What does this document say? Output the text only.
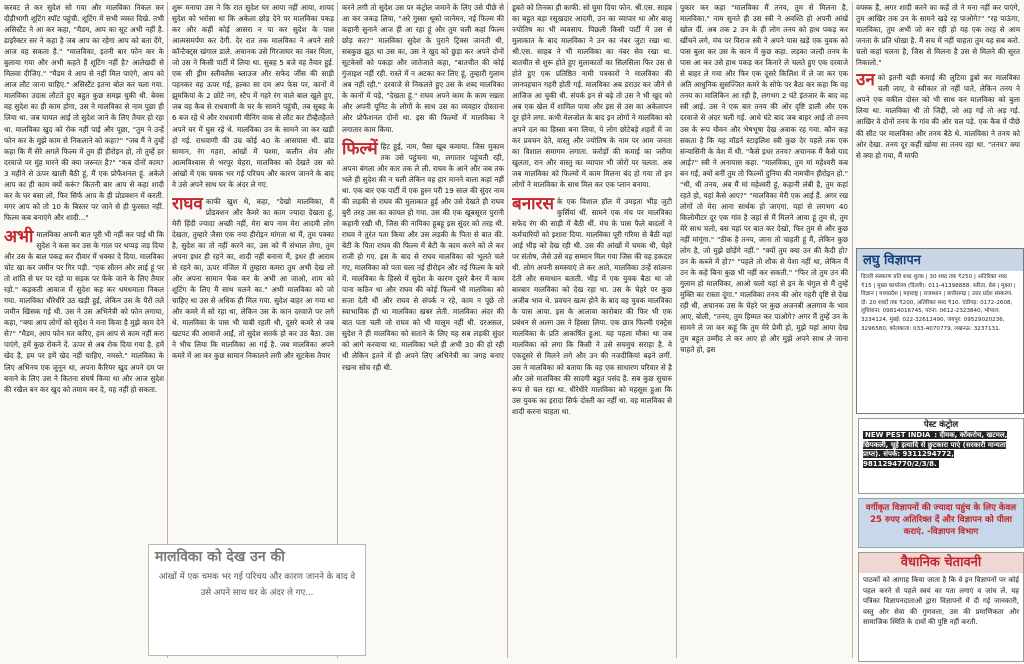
करवट ले कर सुदेश सो गया और मालविका निकल कर दौड़ीभागी शूटिंग स्पॉट पहुंची. शूटिंग में सभी व्यस्त दिखे. तभी असिस्टैंट ने आ कर कहा, "मैडम, आप का सूट अभी नहीं है. डाइरैक्टर सर ने कहा है जब आप का रहेगा आप को बता देंगे, आज वह सकता है." "मालविका, इतनी बार फोन कर के बुलाया गया और अभी कहते हैं शूटिंग नहीं है? आलेखदी से मिलवा दीजिए." "मैडम वे आप से नहीं मिल पाएंगे, आप को आज लौट जाना चाहिए." असिस्टैंट इतना बोल कर चला गया. मालविका उदास लौटते हुए बहुत कुछ समझ चुकी थी. बेवस वह सुदेश का ही काम होगा, उस ने मालविका से नाम पूछा ही लिया था. जब घायल आई तो सुदेश जाने के लिए तैयार हो रहा था. मालविका खुद को रोक नहीं पाई और पूछा, "तुम ने उन्हें फोन कर के मुझे काम से निकलाने को कहा?" "जब मैं ने तुम्हें कहा कि मैं सेरे अगले फिल्म में तुम ही हीरोइन हो, तो तुम्हें हर दरवाजे पर मुंह मारने की क्या जरूरत है?" "कब दोनों काम? 3 महीने से ऊपर खाली बैठी हूं, मैं एक प्रोफैशनल हूं. अकेले आप का ही काम क्यों करूं? कितनी बार आप से कहा शादी कर के घर बसा लो, फिर सिर्फ आप के ही प्रोडक्शन में करती. मगर आप को तो 10 के बिस्तर पर जाने से ही फुरसत नहीं. फिल्म कब बनाएंगे और शादी..."

अभी मालविका अपनी बात पूरी भी नहीं कर पाई थी कि सुदेश ने कस कर उस के गाल पर थप्पड़ जड़ दिया और उस के बाल पकड़ कर दीवार में धक्का दे दिया. मालविका चोट खा कर जमीन पर गिर पड़ी. "एक सौतन और लाई हूं पर तो शांति से घर पर रहो या सड़क पर फेंके जाने के लिए तैयार रहो." कड़कती आवाज में सुदेश कह कर धमधमाता निकल गया. मालविका धीरेधीरे उठ खड़ी हुई, लेकिन उस के पैरों तले जमीन खिसक गई थी. उस ने उस अभिनेत्री को फोन लगाया, कहा, "क्या आप लोगों को सुदेश ने मना किया है मुझे काम देने से?" "मैडम, आप फोन मत करिए, हम आप से काम नहीं करा पाएंगे, हमें कुछ रोकने दें. ऊपर से अब रोक दिया गया है. हमें खेद है, हम पर हमें खेद नहीं चाहिए, नमस्ते." मालविका के लिए अभिनय एक जुनून था, अपना कैरियर खुद अपने दम पर बनाने के लिए उस ने कितना संघर्ष किया था और आज सुदेश की रखैल बन कर खुद को तमाम कर दे, यह नहीं हो सकता.

शुरू मनाया उस ने कि रात सुदेश घर आया नहीं आया, शायद सुदेश को भरोसा था कि अकेला छोड़ देने पर मालविका पकड़ कर और कहीं कोई आसरा न पा कर सुदेश के पास आत्मसमर्पण कर देगी. देर रात तक मालविका ने अपने सारे कॉन्टैक्ट्स खंगाल डाले. अचानक उसे गिरजाघर का नंबर मिला, जो उस ने किसी पार्टी में लिया था. सुबह 5 बजे वह तैयार हुई. एक सी ड्रीम स्लीवलैस ब्लाउज और सफेद जींस की साड़ी पहनकर वह ऊपर गई, हल्का सा दम अप फेस पर, कानों में झुमकियां के 2 छोटे नग, स्टैप में गहरे रंग वाले बाल खुले हुए, जब वह कैब से राधवाणी के घर के सामने पहुंची, तब सुबह के 6 बज रहे थे और राधवाणी मीनिंग वाक से लौट कर टीव्हैतहैतते अपने घर में घुस रहे थे. मालविका उन के सामने जा कर खड़ी हो गई. राधवाणी की उम्र कोई 40 के आसपास थी. ब्रांड सामान, रंग गहरा, आंखों में चश्मा, कलीन शेव और आत्मविश्वास से भरपूर चेहरा, मालविका को देखते उस को आंखों में एक चमक भर गई परिचय और कारण जानने के बाद वे उसे अपने साथ घर के अंदर ले गए.

राघव काफी खुश थे, कहा, "देखो मालविका, मैं प्रोडक्शन और कैमरे का काम ज्यादा देखता हूं, मेरी हिंदी ज्यादा अच्छी नहीं, मेरा बाप नाम मेरा आदमी लोग देखता, तुम्हारे जैसा एक नया हीरोइन मांगता था मैं, तुम पक्का है, सुदेश का तो नहीं करने का, उस को मैं संभाल लेगा, तुम अपना इधर ही रहने का, शादी नहीं बनाना मैं, इधर ही आराम से रहने का, ऊपर मंजिल में तुम्हारा कमरा तुम अभी देख लो और अपना सामान फेंक कर के अभी आ जाओ, शाम को शूटिंग के लिए मैं साथ चलने का." अभी मालविका को जो चाहिए था उस से अधिक ही मिल गया. सुदेश बाहर आ गया था और कमरे में सो रहा था, लेकिन उस के कान दरवाजे पर लगे थे. मालविका के पास भी चाबी रहती थी, दूसरे कमरे से जब खटपट की आवाजें आईं, तो सुदेश सतर्क हो कर उठ बैठा. उस ने भीच लिया कि मालविका आ गई है. जब मालविका अपने कमरे में आ कर कुछ सामान निकालने लगी और सूटकेस तैयार

करने लगी तो सुदेश उस पर कंट्रोल जमाने के लिए उसे पीछे से आ कर जकड़ लिया, "अरे गुस्सा थूको जानेमन, नई फिल्म की कहानी सुनाने आज ही आ रहा हूं और तुम चली कहां फिल्म छोड़ कर?" मालविका सुदेश के पुराने ट्रिक्स जानती थी, सबकुछ झूठ था उस का, उस ने खुद को छुड़ा कर अपने दोनों सूटकेसों को पकड़ा और जातेजाते कहा, "बातचीत की कोई गुंजाइश नहीं रही. रास्ते में न अटका कर लिए हूं, तुम्हारी गुलाम अब नहीं रही." दरवाजे से निकलते हुए उस के शब्द मालविका के कानों में पड़े, "देखता हूं." राघव अपने काम के काम रखता और अपनी यूनिट के लोगों के साथ उस का व्यवहार दोस्ताना और प्रोफैशनल दोनों था. इस की फिल्मों में मालविका ने लगातार काम किया.

फिल्में हिट हुई, नाम, पैसा खूब कमाया. जिस मुकाम तक उसे पहुंचना था, लगातार पहुंचती रही, अपना बंगला और कार तक ले ली. राघव के आने और जब तक भले ही सुदेश की न चली लेकिन वह हार मानने वाला कहां नहीं था. एक बार एक पार्टी में एक हुस्न परी 19 साल की सुंदर नाम की लड़की से राघव की मुलाकात हुई और उसे देखते ही राघव बुरी तरह उस का कायल हो गया. उस की एक खूबसूरत पुरानी कहानी रखी थी, जिस की नायिका हूबहू इस सुंदर को तरह थी. राघव ने तुरंत पता किया और उस लड़की के पिता से बात की. बेटी के पिता राघव की फिल्म में बेटी के काम करने को ले कर राजी हो गए. इस के बाद से राघव मालविका को भूलते चले गए, मालविका को पता चला नई हीरोइन और नई फिल्म के बारे में. मालविका के हिस्से में सुदेश के कारण दूसरे बैनर में काम पाना कठिन था और राघव की कोई फिल्में भी मालविका को सजा देती थीं और राघव से संपर्क न रहे, काम न पूछे तो स्वाभाविक ही था मालविका खबर लेती. मालविका अंदर की बात पता चली जो राघव को भी मालूम नहीं थी. दरअसल, सुदेश ने ही मालविका को सताने के लिए यह सब लड़की सुंदर को आगे करवाया था. मालविका भले ही अभी 30 की हो रही थी लेकिन इतने में ही अपने लिए अभिनेत्री का जगह बनाए रखना सोच रही थी.

डूबते को तिनका ही काफी. सो घुमा दिया फोन. श्री.एस. साहब का बहुत बड़ा रसूखदार आदमी, उन का व्यापार था और बालू ज्योतिष का भी व्यवसाय. पिछली किसी पार्टी में उस से मुलाकात के बाद मालविका ने उन का नंबर जुटा रखा था. श्री.एस. साहब ने भी मालविका का नंबर सेव रखा था. बातचीत से शुरू होते हुए मुलाकातों का सिलसिला फिर उस से होते हुए एक प्रतिष्ठित नामी पत्रकारों ने मालविका की जानपहचान गहरी होती गई. मालविका अब डराउर कर जीने से आजिज आ चुकी थी. संपर्क इन से बढ़े तो उस ने भी खुद को अब एक खेल में शामिल पाया और इस से उस का अकेलापन दूर होने लगा. कभी मेलजोल के बाद इन लोगों ने मालविका को अपने दल का हिस्सा बना लिया, ये लोग छोटेबड़े शहरों में जा कर प्रवचन देते, वास्तु और ज्योतिष के नाम पर आम जनता का विशाल समागम लगाता. करोड़ों की कमाई का जरीया खुलता, रान और वास्तु का व्यापार भी जोरों पर चलता. अब जब मालविका को फिल्मों में काम मिलना बंद हो गया तो इन लोगों ने मालविका के साथ मिल कर एक प्लान बनाया.

बनारस के एक विशाल हॉल में उमड़ता भीड़ जुटी कुर्सियां थीं. सामने एक मंच पर मालविका सफेद रंग की साड़ी में बैठी थीं. मंच के पास फैले बादलों ने कर्मचारियों को इशारा दिया. मालविका पूरी गरिमा से बैठी वहां आई भीड़ को देख रही थी. उस की आंखों में चमक थी, चेहरे पर संतोष, जैसे उसे वह सम्मान मिल गया जिस की वह हकदार थी. लोग अपनी समस्याएं ले कर आते, मालविका उन्हें सांत्वना देती और समाधान बताती. भीड़ में एक युवक बैठा था जो बारबार मालविका को देख रहा था. उस के चेहरे पर कुछ अजीब भाव थे. प्रवचन खत्म होने के बाद वह युवक मालविका के पास आया. इस के आलावा कारोबार की फिर भी एक प्रबंधन से अलग उस ने हिस्सा लिया. एक छात्र फिल्मी एक्ट्रेस मालविका के प्रति आकर्षित हुआ. यह पहला मौका था जब मालविका को लगा कि किसी ने उसे सचमुच सराहा है. वे एकदूसरे से मिलने लगे और उन की नजदीकियां बढ़ने लगीं. उस ने मालविका को बताया कि वह एक साधारण परिवार से है और उसे मालविका की सादगी बहुत पसंद है. सब कुछ सुचारु रूप से चल रहा था. धीरेधीरे मालविका को महसूस हुआ कि उस युवक का इरादा सिर्फ दोस्ती का नहीं था. वह मालविका से शादी करना चाहता था.

पुकार कर कहा "मालविका मैं तनय, तुम से मिलना है, मालविका." नाम सुनते ही उस स्त्री ने अवश्ति हो अपनी आंखें खोल दीं. अब तक 2 उन के ही लोग तनय को हाथ पकड़ कर खींचने लगे, मंच पर विराज स्त्री ने अपने पास खड़े एक युवक को पास बुला कर उस के कान में कुछ कहा. लड़का जल्दी तनय के पास आ कर उसे हाथ पकड़ कर किनारे ले चलते हुए एक दरवाजे से बाहर ले गया और फिर एक दूसरे किलिश में ले जा कर एक अति आधुनिक सुसज्जित कमरे के सोफे पर बैठा कर कहा कि वह तनय का मालिकिन आ रही है, लगभग 2 घंटे इंतजार के बाद वह स्त्री आई. उस ने एक बार तनय की ओर दृष्टि डाली और एक दरवाजे से अंदर चली गई. आधे घंटे बाद जब बाहर आई तो तनय उस के रूप यौवन और भेषभूषा देख अवाक रह गया. कौन कह सकता है कि यह मॉडर्न स्टाइलिश स्त्री कुछ देर पहले तक एक संन्यासिनी के वेश में थी. "कैसे इधर तनय? अचानक मैं कैसे याद आई?" स्त्री ने अनायास कहा. "मालविका, तुम मां महेश्वरी कब बन गईं, क्यों बनीं तुम तो फिल्मों दुनिया की नामचीन हीरोइन हो." "थी, थी तनय, अब मैं मां महेश्वरी हूं, कहानी लंबी है, तुम कहां रहते हो, यहां कैसे आए?" "मालविका मेरी एक आई हैं. अगर रख लोगों तो मेरा आना सार्थक हो जाएगा. यहां से लगभग 40 किलोमीटर दूर एक गांव है जहां से मैं मिलने आया हूं तुम से, तुम मेरे साथ चलो, बस यहां पर बात कर देखो, फिर तुम से और कुछ नहीं मांगूंगा." "ठीक है तनय, जाना तो चाहती हूं मैं, लेकिन कुछ लोग है, जो मुझे छोड़ेंगे नहीं." "क्यों तुम क्या उन की कैदी हो? उन के कब्जे में हो?" "पहले तो शौक से पेशा नहीं था, लेकिन मैं उन के कहे बिना कुछ भी नहीं कर सकती." "फिर तो तुम उन की गुलाम हो मालविका, आओ चलो यहां से इन के चंगुल से मैं तुम्हें मुक्ति का रास्ता दूंगा." मालविका तनय की ओर गहरी दृष्टि से देख रही थी, अचानक उस के चेहरे पर कुछ अजनबी अलगाव के भाव आए, बोली, "तनय, तुम हिम्मत कर पाओगे? अगर मैं तुम्हें उन के सामने ले जा कर कहूं कि तुम मेरे प्रेमी हो, मुझे यहां आया देख तुम बहुत उम्मीद ले कर आए हो और मुझे अपने साथ ले जाना चाहते हो, इस

वयस्क हैं, अगर शादी करने का कहें तो ने मना नहीं कर पाएंगे, तुम आखिर तक उन के सामने खड़े रह पाओगे?" "रह पाऊंगा, मालविका, तुम अभी जो कर रही हो यह एक तरह से आम जनता के प्रति धोखा है. मैं सच में नहीं चाहता तुम यह सब करो. चलो कहां चलना है, जिस से मिलना है उस से मिलने की सूरत निकालो."

उन को इतनी बड़ी कमाई की लुटिया डुबो कर मालविका चली जाए, वे स्वीकार तो नहीं पाते, लेकिन तनय ने अपने एक वकील दोस्त को भी साथ कर मालविका को बुला लिया था. मालविका थी तो जिद्दी, जो अड़ गई तो अड़ गई. आखिर वे दोनों तनय के गांव की ओर चल पड़े. एक कैब में पीछे की सीट पर मालविका और तनय बैठे थे. मालविका ने तनय को ओर देखा. तनय दूर कहीं खोया सा तनय रहा था. "तनय? क्या से क्या हो गया, मैं माफी

मालविका को देख उन की
आंखों में एक चमक भर गई परिचय और कारण जानने के बाद वे उसे अपने साथ घर के अंदर ले गए...
लघु विज्ञापन
दिल्ली संस्करण प्रति शब्द शुल्क | 30 शब्द तक ₹250 | अतिरिक्त शब्द ₹15 | मुख्य कार्यालय (दिल्ली): 011-41398888. सरिता, प्रेस | मुक्ता | विज्ञान | मध्यप्रदेश | महाराष्ट्र | राजस्थान | छत्तीसगढ़ | उत्तर प्रदेश संस्करण. दो: 20 शब्दों तक ₹200, अतिरिक्त शब्द ₹10. चंडीगढ़: 0172-2608, लुधियाना: 09814016745, पटना: 0612-2323840, भोपाल: 3234124, मुंबई: 022-32612490, जयपुर: 09529020236, 3296580, कोलकाता: 033-4070779, लखनऊ: 3237131.
पेस्ट कंट्रोल
NEW PEST INDIA : दीमक, कॉकरोच, खटमल, छिपकली, चूहे इत्यादि से छुटकारा पाएं (सरकारी मान्यता प्राप्त). संपर्क: 9311294772, 9811294770/2/3/8.
वर्गीकृत विज्ञापनों की ज्यादा पहुंच के लिए केवल 25 रुपए अतिरिक्त दें और विज्ञापन को पीला कराएं. -विज्ञापन विभाग
वैधानिक चेतावनी
पाठकों को आगाह किया जाता है कि वे इन विज्ञापनों पर कोई पहल करने से पहले स्वयं का पता लगाएं व जांच लें. यह पत्रिका विज्ञापनदाताओं द्वारा विज्ञापनों में दी गई जानकारी, वस्तु और सेवा की गुणवत्ता, उस की प्रमाणिकता और सामाजिक स्थिति के दावों की पुष्टि नहीं करती.
